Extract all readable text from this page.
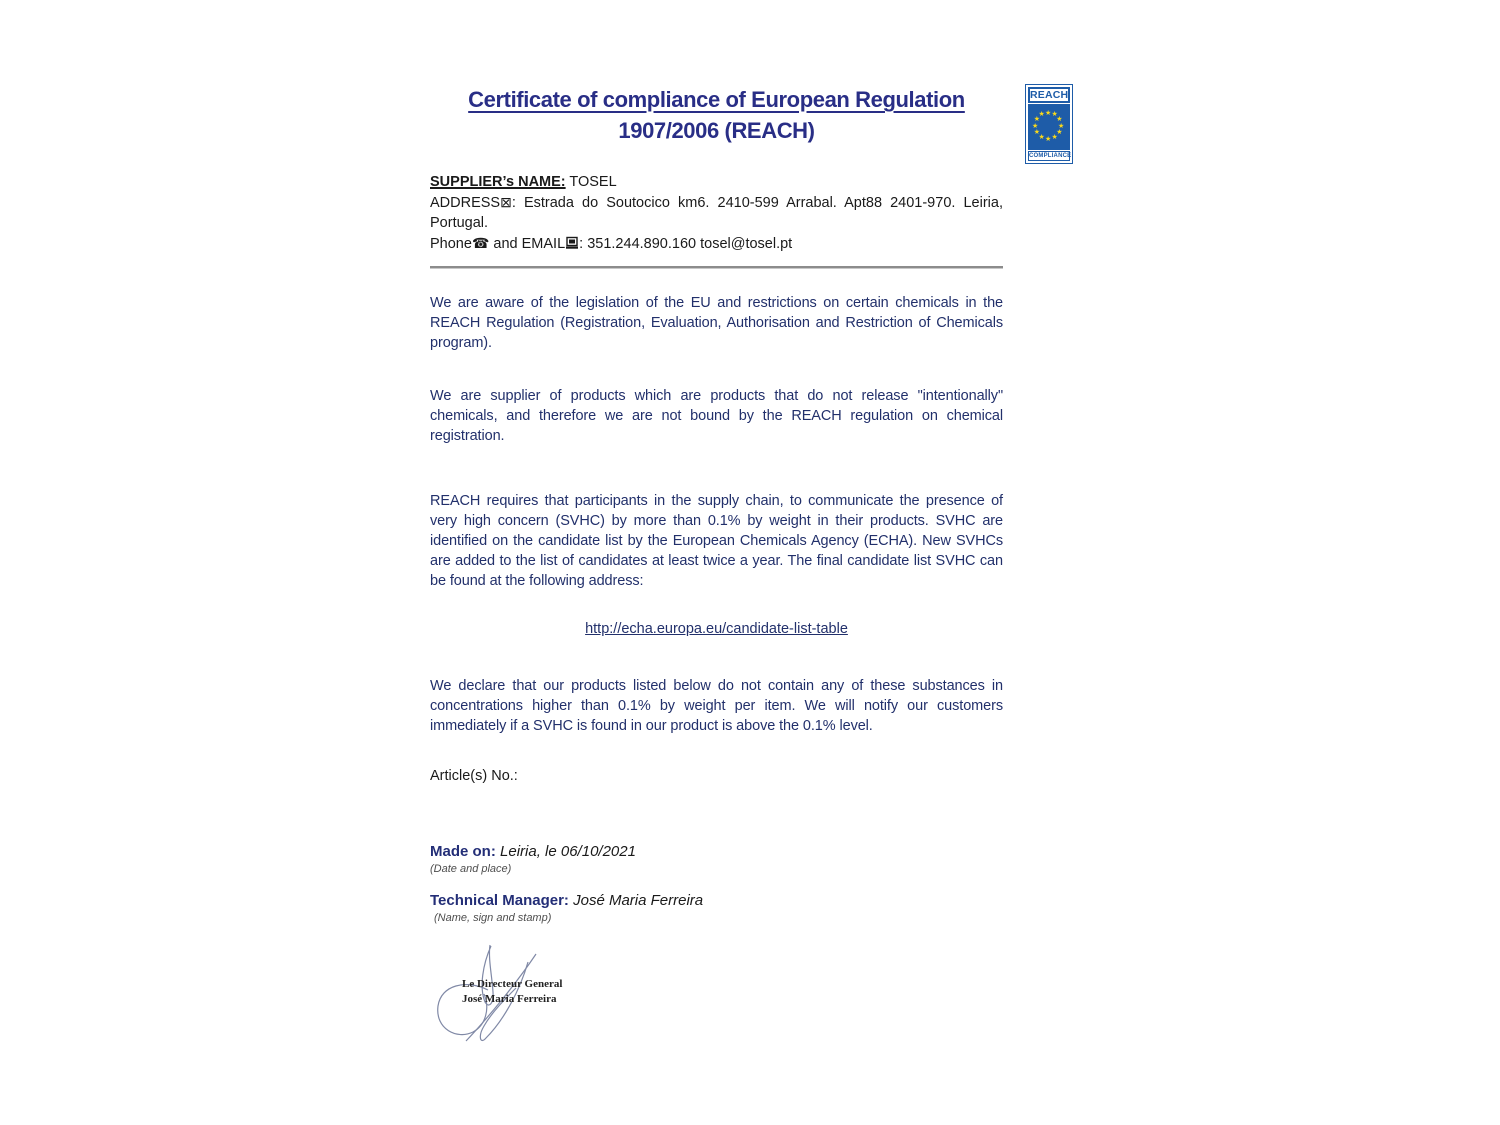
Certificate of compliance of European Regulation
1907/2006 (REACH)
REACH
★ ★
★
★
★
★
★
★
★
★
★
★
COMPLIANCE
SUPPLIER’s NAME: TOSEL

ADDRESS⊠: Estrada do Soutocico km6. 2410-599 Arrabal. Apt88 2401-970. Leiria, Portugal.

Phone☎ and EMAIL : 351.244.890.160 tosel@tosel.pt

We are aware of the legislation of the EU and restrictions on certain chemicals in the REACH Regulation (Registration, Evaluation, Authorisation and Restriction of Chemicals program).

We are supplier of products which are products that do not release "intentionally" chemicals, and therefore we are not bound by the REACH regulation on chemical registration.

REACH requires that participants in the supply chain, to communicate the presence of very high concern (SVHC) by more than 0.1% by weight in their products. SVHC are identified on the candidate list by the European Chemicals Agency (ECHA). New SVHCs are added to the list of candidates at least twice a year. The final candidate list SVHC can be found at the following address:

http://echa.europa.eu/candidate-list-table

We declare that our products listed below do not contain any of these substances in concentrations higher than 0.1% by weight per item. We will notify our customers immediately if a SVHC is found in our product is above the 0.1% level.

Article(s) No.:
Made on: Leiria, le 06/10/2021
(Date and place)
Technical Manager: José Maria Ferreira
(Name, sign and stamp)
Le Directeur General
José Maria Ferreira
